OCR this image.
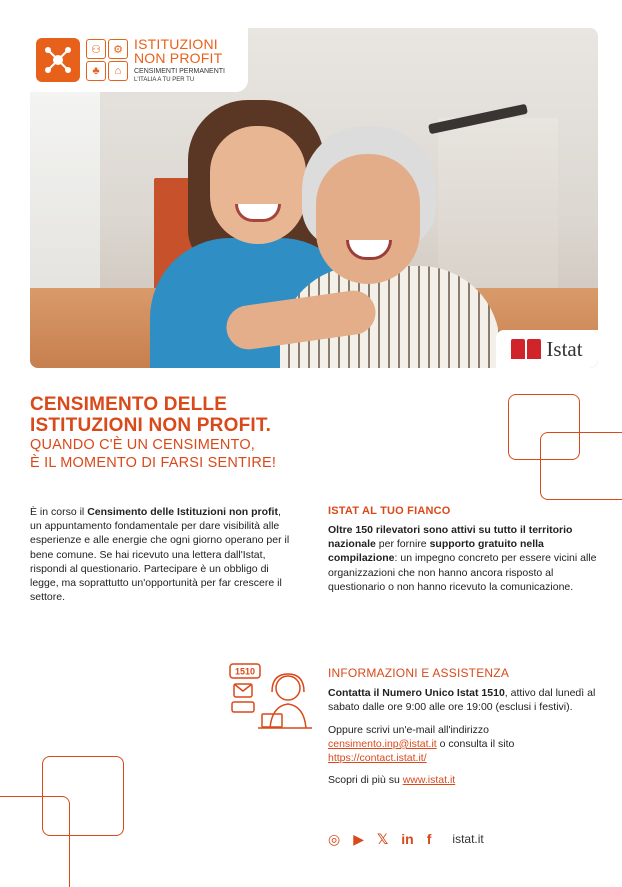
⚇	⚙
♣	⌂
ISTITUZIONI
NON PROFIT
CENSIMENTI PERMANENTI
L'ITALIA A TU PER TU
Istat
CENSIMENTO DELLE
ISTITUZIONI NON PROFIT.
QUANDO C'È UN CENSIMENTO,
È IL MOMENTO DI FARSI SENTIRE!
È in corso il Censimento delle Istituzioni non profit, un appuntamento fondamentale per dare visibilità alle esperienze e alle energie che ogni giorno operano per il bene comune. Se hai ricevuto una lettera dall'Istat, rispondi al questionario. Partecipare è un obbligo di legge, ma soprattutto un'opportunità per far crescere il settore.
ISTAT AL TUO FIANCO
Oltre 150 rilevatori sono attivi su tutto il territorio nazionale per fornire supporto gratuito nella compilazione: un impegno concreto per essere vicini alle organizzazioni che non hanno ancora risposto al questionario o non hanno ricevuto la comunicazione.
1510	INFORMAZIONI E ASSISTENZA

Contatta il Numero Unico Istat 1510, attivo dal lunedì al sabato dalle ore 9:00 alle ore 19:00 (esclusi i festivi).

Oppure scrivi un'e-mail all'indirizzo censimento.inp@istat.it o consulta il sito https://contact.istat.it/

Scopri di più su www.istat.it

◎ ▶ 𝕏 in f istat.it
